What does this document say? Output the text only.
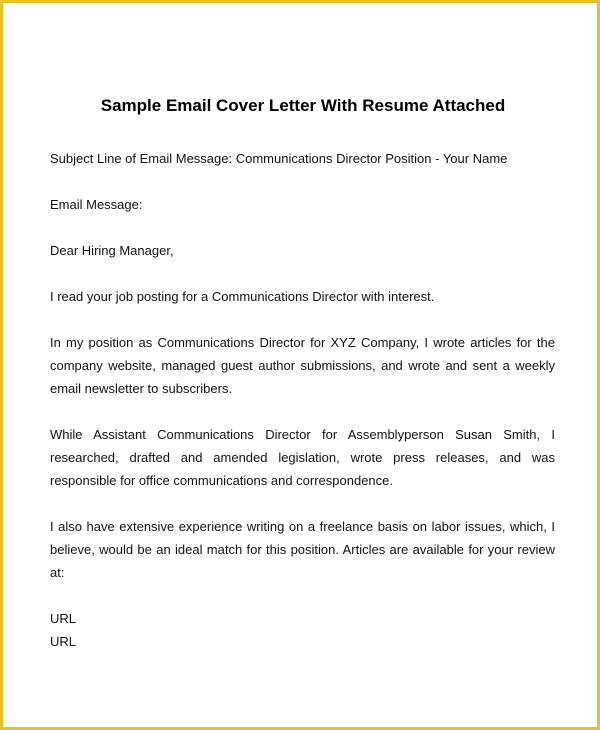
Sample Email Cover Letter With Resume Attached

Subject Line of Email Message: Communications Director Position - Your Name

Email Message:

Dear Hiring Manager,

I read your job posting for a Communications Director with interest.

In my position as Communications Director for XYZ Company, I wrote articles for the company website, managed guest author submissions, and wrote and sent a weekly email newsletter to subscribers.

While Assistant Communications Director for Assemblyperson Susan Smith, I researched, drafted and amended legislation, wrote press releases, and was responsible for office communications and correspondence.

I also have extensive experience writing on a freelance basis on labor issues, which, I believe, would be an ideal match for this position. Articles are available for your review at:

URL
URL
